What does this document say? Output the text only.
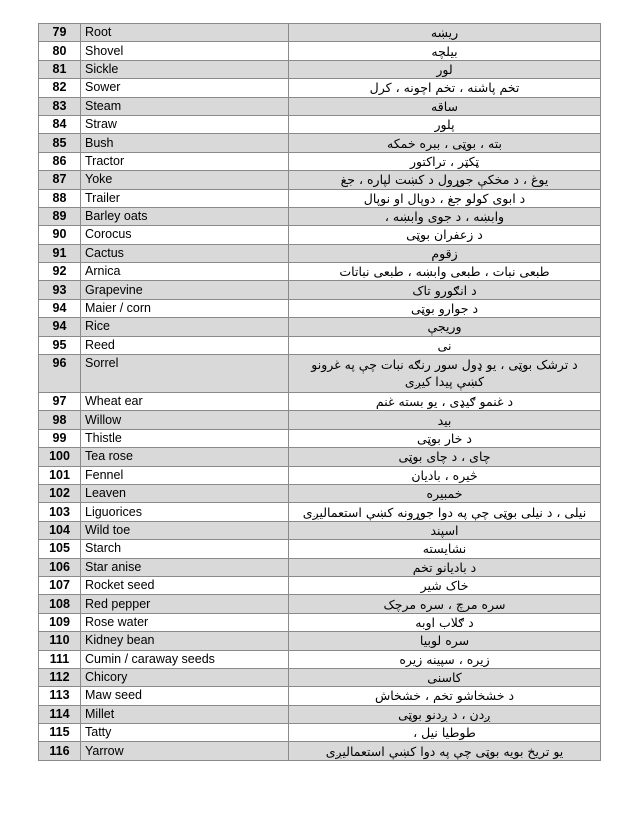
79	Root	ريښه
80	Shovel	بيلچه
81	Sickle	لور
82	Sower	تخم پاشنه ، تخم اچونه ، کرل
83	Steam	ساقه
84	Straw	پلور
85	Bush	بته ، بوټی ، ببره خمکه
86	Tractor	ټکټر ، تراکتور
87	Yoke	يوغ ، د مخکې جوړول د کښت لپاره ، جغ
88	Trailer	د ابوی کولو جغ ، دوپال او نوپال
89	Barley oats	وابښه ، د جوی وابښه ،
90	Corocus	د زعفران بوټی
91	Cactus	زقوم
92	Arnica	طبعی نبات ، طبعی وابښه ، طبعی نباتات
93	Grapevine	د انګورو تاک
94	Maier / corn	د جوارو بوټی
94	Rice	وريجې
95	Reed	نی
96	Sorrel	د ترشک بوټی ، يو ډول سور رنګه نبات چې په غرونو کښې پيدا کيږی
97	Wheat ear	د غنمو ګيډی ، يو بسته غنم
98	Willow	بيد
99	Thistle	د خار بوټی
100	Tea rose	چای ، د چای بوټی
101	Fennel	څيره ، باديان
102	Leaven	خمبيره
103	Liguorices	نيلی ، د نيلی بوټی چې په دوا جوړونه کښې استعماليږی
104	Wild toe	اسپند
105	Starch	نشايسته
106	Star anise	د باديانو تخم
107	Rocket seed	خاک شير
108	Red pepper	سره مرچ ، سره مرچک
109	Rose water	د ګلاب اوبه
110	Kidney bean	سره لوبيا
111	Cumin / caraway seeds	زيره ، سپينه زيره
112	Chicory	کاسنی
113	Maw seed	د خشخاشو تخم ، خشخاش
114	Millet	ږدن ، د ږدنو بوټی
115	Tatty	طوطيا نيل ،
116	Yarrow	يو تريخ بويه بوټی چې په دوا کښې استعماليږی
